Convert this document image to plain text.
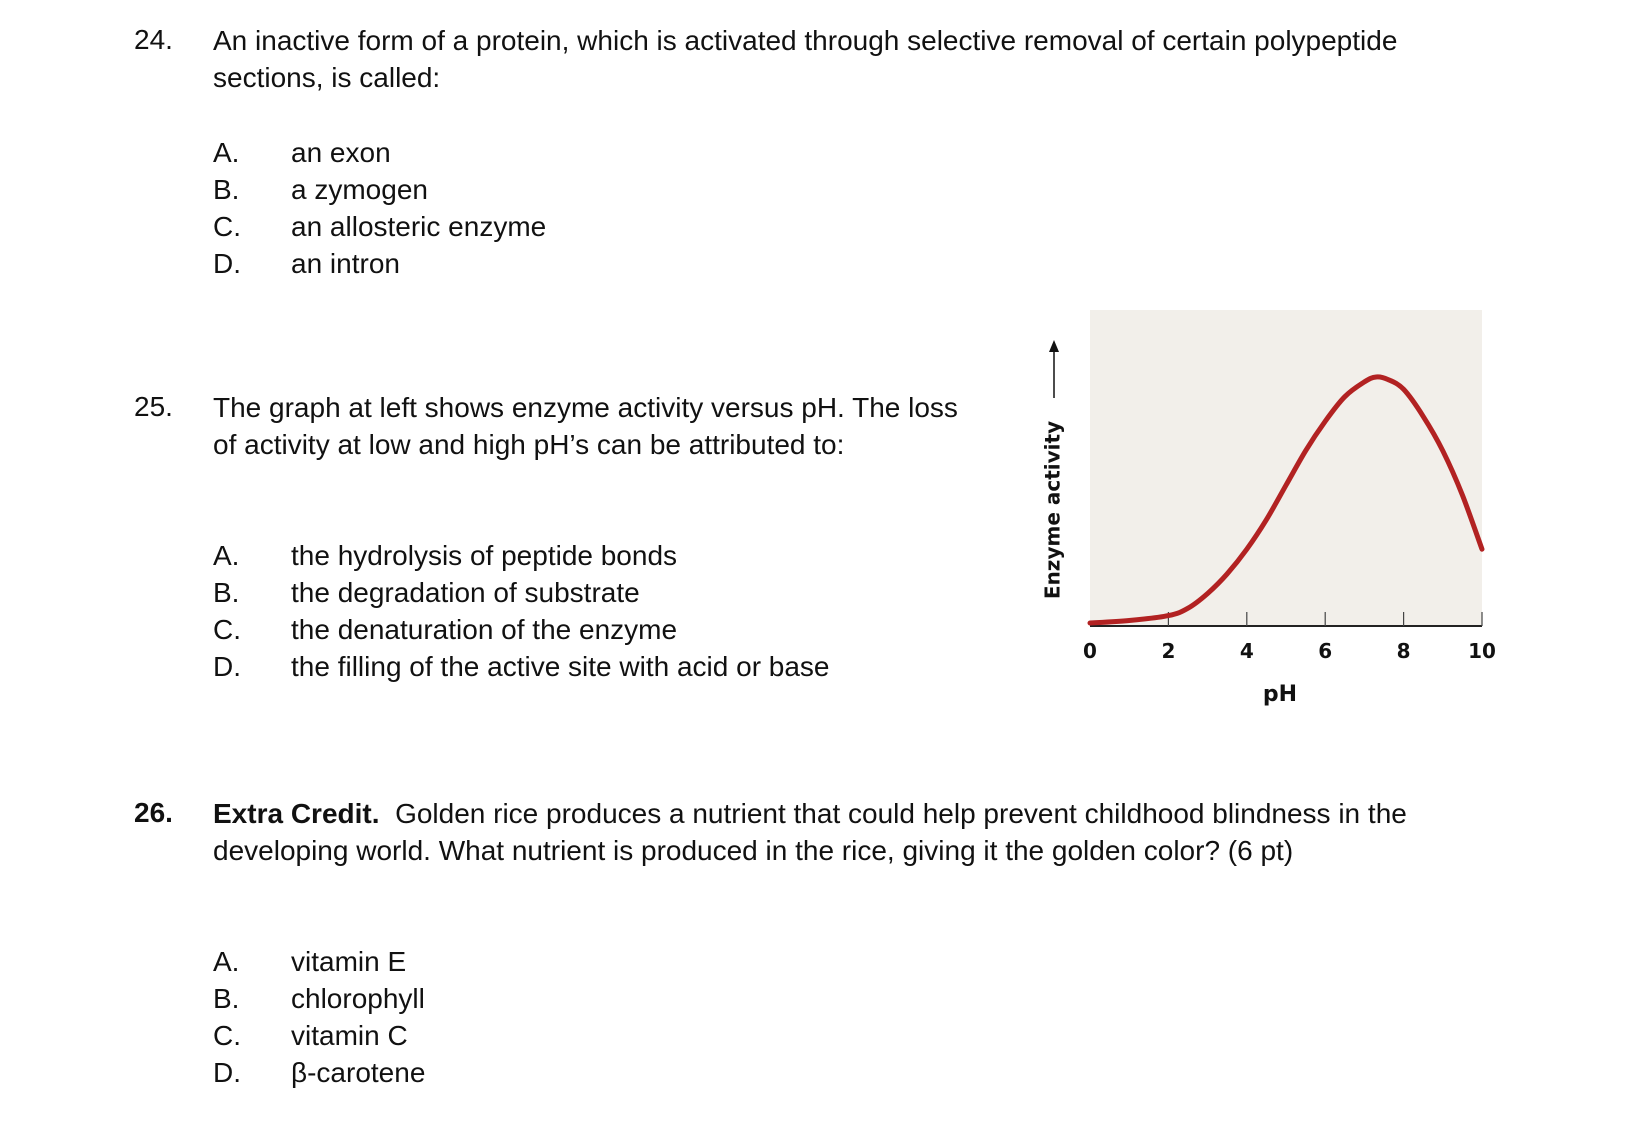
24. An inactive form of a protein, which is activated through selective removal of certain polypeptide sections, is called:
A. an exon
B. a zymogen
C. an allosteric enzyme
D. an intron
25. The graph at left shows enzyme activity versus pH. The loss of activity at low and high pH’s can be attributed to:
A. the hydrolysis of peptide bonds
B. the degradation of substrate
C. the denaturation of the enzyme
D. the filling of the active site with acid or base	0	2	4	6	8	10
pH
Enzyme activity
26. Extra Credit. Golden rice produces a nutrient that could help prevent childhood blindness in the developing world. What nutrient is produced in the rice, giving it the golden color? (6 pt)
A. vitamin E
B. chlorophyll
C. vitamin C
D. β-carotene
